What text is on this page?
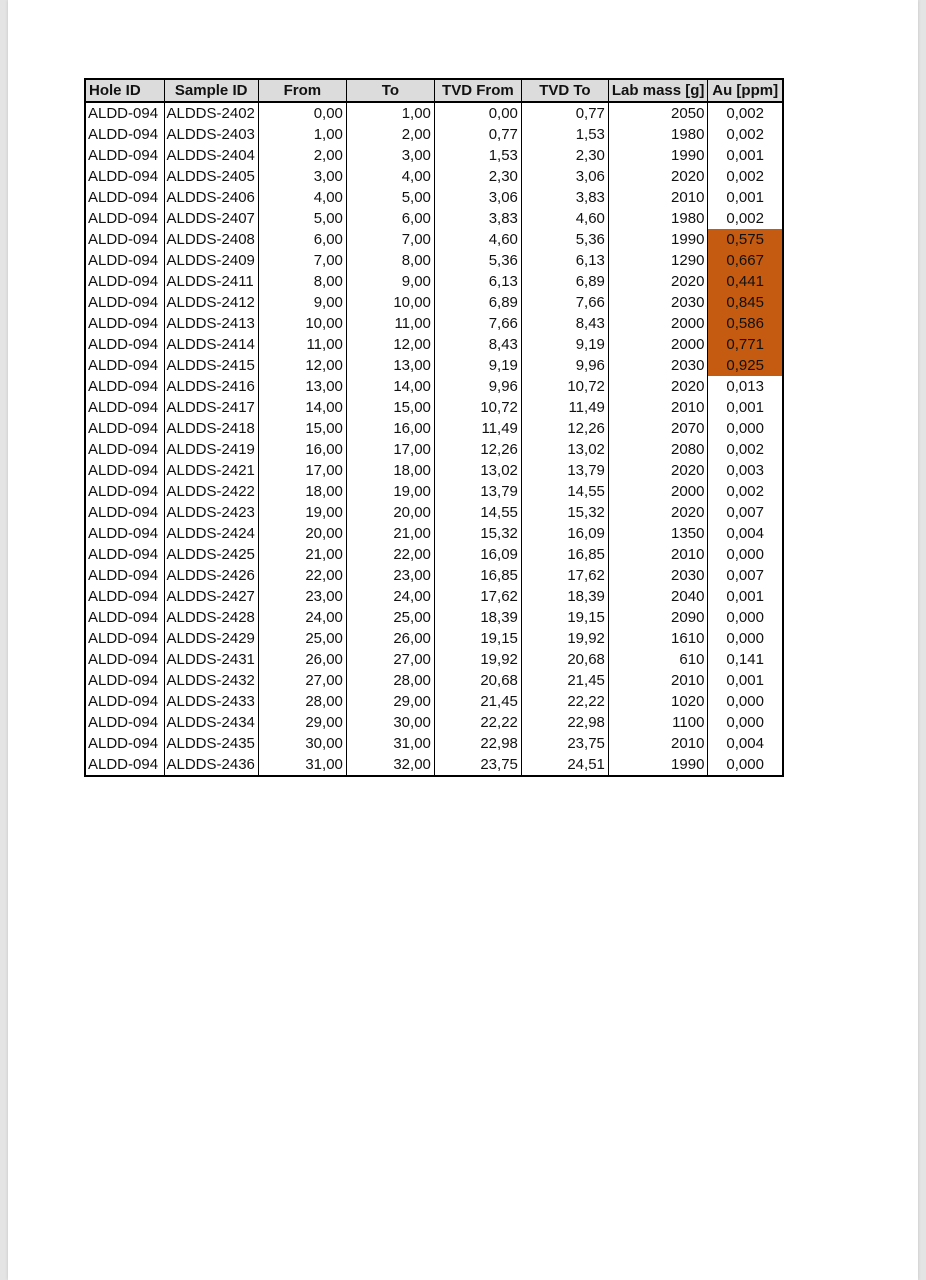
Hole ID	Sample ID	From	To	TVD From	TVD To	Lab mass [g]	Au [ppm]
ALDD-094	ALDDS-2402	0,00	1,00	0,00	0,77	2050	0,002
ALDD-094	ALDDS-2403	1,00	2,00	0,77	1,53	1980	0,002
ALDD-094	ALDDS-2404	2,00	3,00	1,53	2,30	1990	0,001
ALDD-094	ALDDS-2405	3,00	4,00	2,30	3,06	2020	0,002
ALDD-094	ALDDS-2406	4,00	5,00	3,06	3,83	2010	0,001
ALDD-094	ALDDS-2407	5,00	6,00	3,83	4,60	1980	0,002
ALDD-094	ALDDS-2408	6,00	7,00	4,60	5,36	1990	0,575
ALDD-094	ALDDS-2409	7,00	8,00	5,36	6,13	1290	0,667
ALDD-094	ALDDS-2411	8,00	9,00	6,13	6,89	2020	0,441
ALDD-094	ALDDS-2412	9,00	10,00	6,89	7,66	2030	0,845
ALDD-094	ALDDS-2413	10,00	11,00	7,66	8,43	2000	0,586
ALDD-094	ALDDS-2414	11,00	12,00	8,43	9,19	2000	0,771
ALDD-094	ALDDS-2415	12,00	13,00	9,19	9,96	2030	0,925
ALDD-094	ALDDS-2416	13,00	14,00	9,96	10,72	2020	0,013
ALDD-094	ALDDS-2417	14,00	15,00	10,72	11,49	2010	0,001
ALDD-094	ALDDS-2418	15,00	16,00	11,49	12,26	2070	0,000
ALDD-094	ALDDS-2419	16,00	17,00	12,26	13,02	2080	0,002
ALDD-094	ALDDS-2421	17,00	18,00	13,02	13,79	2020	0,003
ALDD-094	ALDDS-2422	18,00	19,00	13,79	14,55	2000	0,002
ALDD-094	ALDDS-2423	19,00	20,00	14,55	15,32	2020	0,007
ALDD-094	ALDDS-2424	20,00	21,00	15,32	16,09	1350	0,004
ALDD-094	ALDDS-2425	21,00	22,00	16,09	16,85	2010	0,000
ALDD-094	ALDDS-2426	22,00	23,00	16,85	17,62	2030	0,007
ALDD-094	ALDDS-2427	23,00	24,00	17,62	18,39	2040	0,001
ALDD-094	ALDDS-2428	24,00	25,00	18,39	19,15	2090	0,000
ALDD-094	ALDDS-2429	25,00	26,00	19,15	19,92	1610	0,000
ALDD-094	ALDDS-2431	26,00	27,00	19,92	20,68	610	0,141
ALDD-094	ALDDS-2432	27,00	28,00	20,68	21,45	2010	0,001
ALDD-094	ALDDS-2433	28,00	29,00	21,45	22,22	1020	0,000
ALDD-094	ALDDS-2434	29,00	30,00	22,22	22,98	1100	0,000
ALDD-094	ALDDS-2435	30,00	31,00	22,98	23,75	2010	0,004
ALDD-094	ALDDS-2436	31,00	32,00	23,75	24,51	1990	0,000
